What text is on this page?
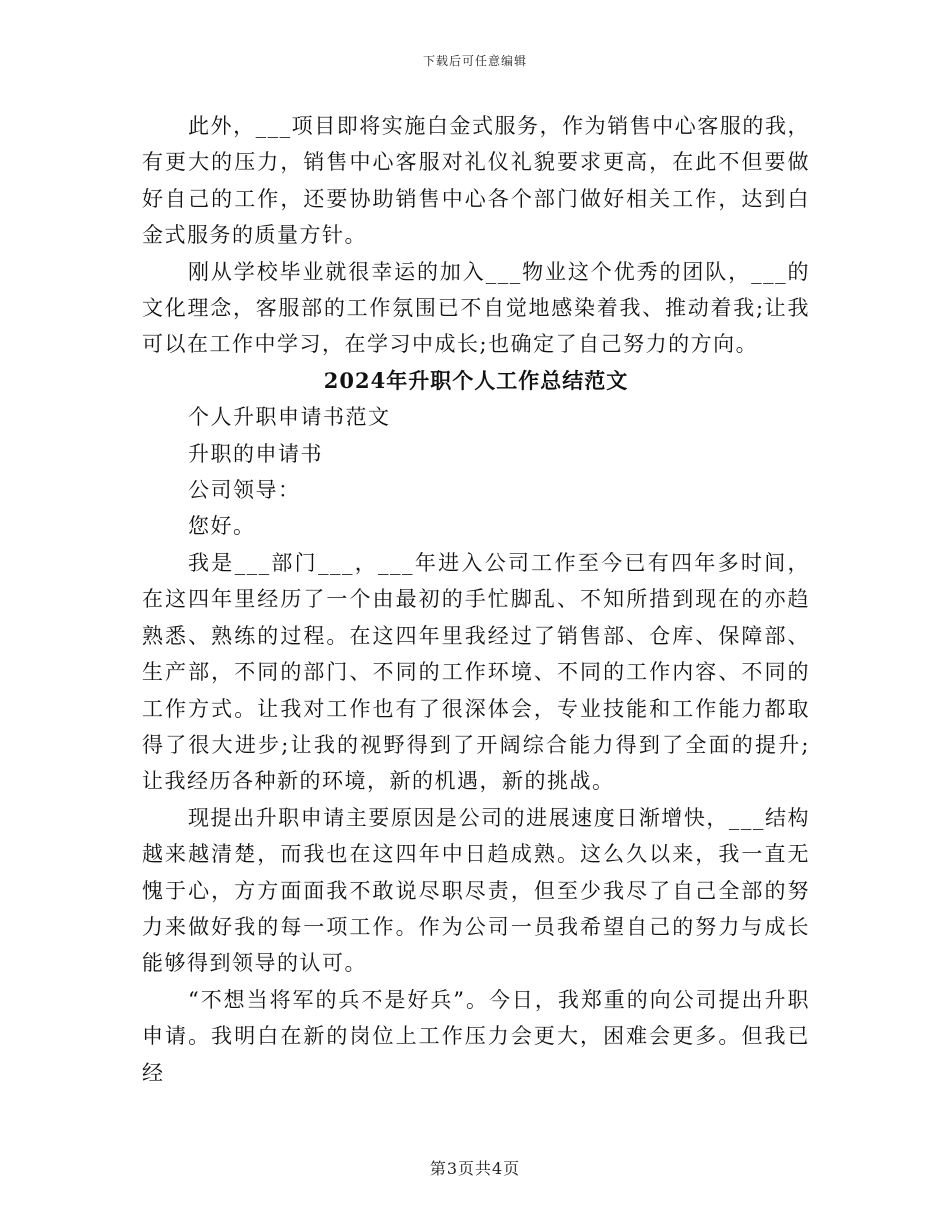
下载后可任意编辑

此外，___项目即将实施白金式服务，作为销售中心客服的我，有更大的压力，销售中心客服对礼仪礼貌要求更高，在此不但要做好自己的工作，还要协助销售中心各个部门做好相关工作，达到白金式服务的质量方针。

刚从学校毕业就很幸运的加入___物业这个优秀的团队，___的文化理念，客服部的工作氛围已不自觉地感染着我、推动着我;让我可以在工作中学习，在学习中成长;也确定了自己努力的方向。

2024年升职个人工作总结范文

个人升职申请书范文

升职的申请书

公司领导：

您好。

我是___部门___，___年进入公司工作至今已有四年多时间，在这四年里经历了一个由最初的手忙脚乱、不知所措到现在的亦趋熟悉、熟练的过程。在这四年里我经过了销售部、仓库、保障部、生产部，不同的部门、不同的工作环境、不同的工作内容、不同的工作方式。让我对工作也有了很深体会，专业技能和工作能力都取得了很大进步;让我的视野得到了开阔综合能力得到了全面的提升;让我经历各种新的环境，新的机遇，新的挑战。

现提出升职申请主要原因是公司的进展速度日渐增快，___结构越来越清楚，而我也在这四年中日趋成熟。这么久以来，我一直无愧于心，方方面面我不敢说尽职尽责，但至少我尽了自己全部的努力来做好我的每一项工作。作为公司一员我希望自己的努力与成长能够得到领导的认可。

“不想当将军的兵不是好兵”。今日，我郑重的向公司提出升职申请。我明白在新的岗位上工作压力会更大，困难会更多。但我已经

第3页共4页
